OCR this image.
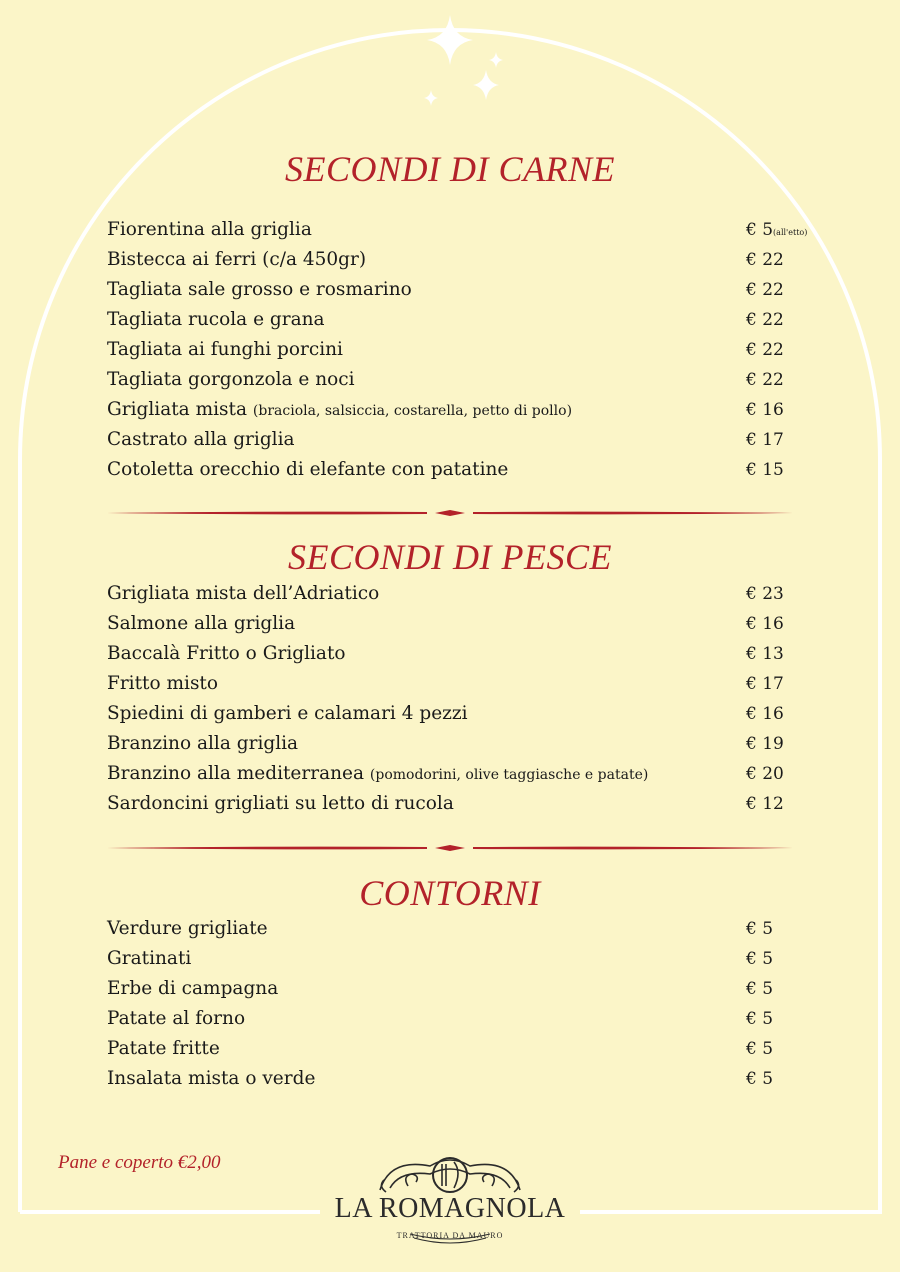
SECONDI DI CARNE
Fiorentina alla griglia	€ 5(all'etto)
Bistecca ai ferri (c/a 450gr)	€ 22
Tagliata sale grosso e rosmarino	€ 22
Tagliata rucola e grana	€ 22
Tagliata ai funghi porcini	€ 22
Tagliata gorgonzola e noci	€ 22
Grigliata mista (braciola, salsiccia, costarella, petto di pollo)	€ 16
Castrato alla griglia	€ 17
Cotoletta orecchio di elefante con patatine	€ 15
SECONDI DI PESCE
Grigliata mista dell’Adriatico	€ 23
Salmone alla griglia	€ 16
Baccalà Fritto o Grigliato	€ 13
Fritto misto	€ 17
Spiedini di gamberi e calamari 4 pezzi	€ 16
Branzino alla griglia	€ 19
Branzino alla mediterranea (pomodorini, olive taggiasche e patate)	€ 20
Sardoncini grigliati su letto di rucola	€ 12
CONTORNI
Verdure grigliate	€ 5
Gratinati	€ 5
Erbe di campagna	€ 5
Patate al forno	€ 5
Patate fritte	€ 5
Insalata mista o verde	€ 5
Pane e coperto €2,00
LA ROMAGNOLA
TRATTORIA DA MAURO
